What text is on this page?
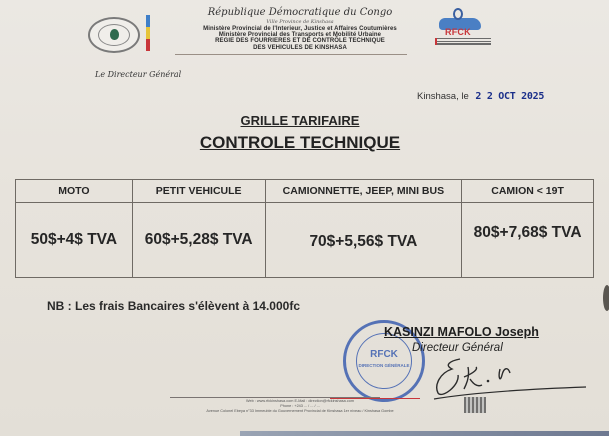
République Démocratique du Congo
Ville Province de Kinshasa
Ministère Provincial de l'Interieur, Justice et Affaires Coutumières
Ministère Provincial des Transports et Mobilité Urbaine
REGIE DES FOURRIERES ET DE CONTRÔLE TECHNIQUE
DES VEHICULES DE KINSHASA
RFCK
Le Directeur Général
Kinshasa, le 2 2 OCT 2025
GRILLE TARIFAIRE
CONTROLE TECHNIQUE
MOTO	PETIT VEHICULE	CAMIONNETTE, JEEP, MINI BUS	CAMION < 19T
50$+4$ TVA	60$+5,28$ TVA	70$+5,56$ TVA	80$+7,68$ TVA
NB : Les frais Bancaires s'élèvent à 14.000fc
RFCK
DIRECTION GÉNÉRALE
KASINZI MAFOLO Joseph
Directeur Général
Web : www.rfckinshasa.com E-Mail : direction@rfckinshasa.com
Phone : +243 ... / ... / ...
Avenue Colonel Ebeya n°33 Immeuble du Gouvernement Provincial de Kinshasa 1er niveau / Kinshasa Gombe
